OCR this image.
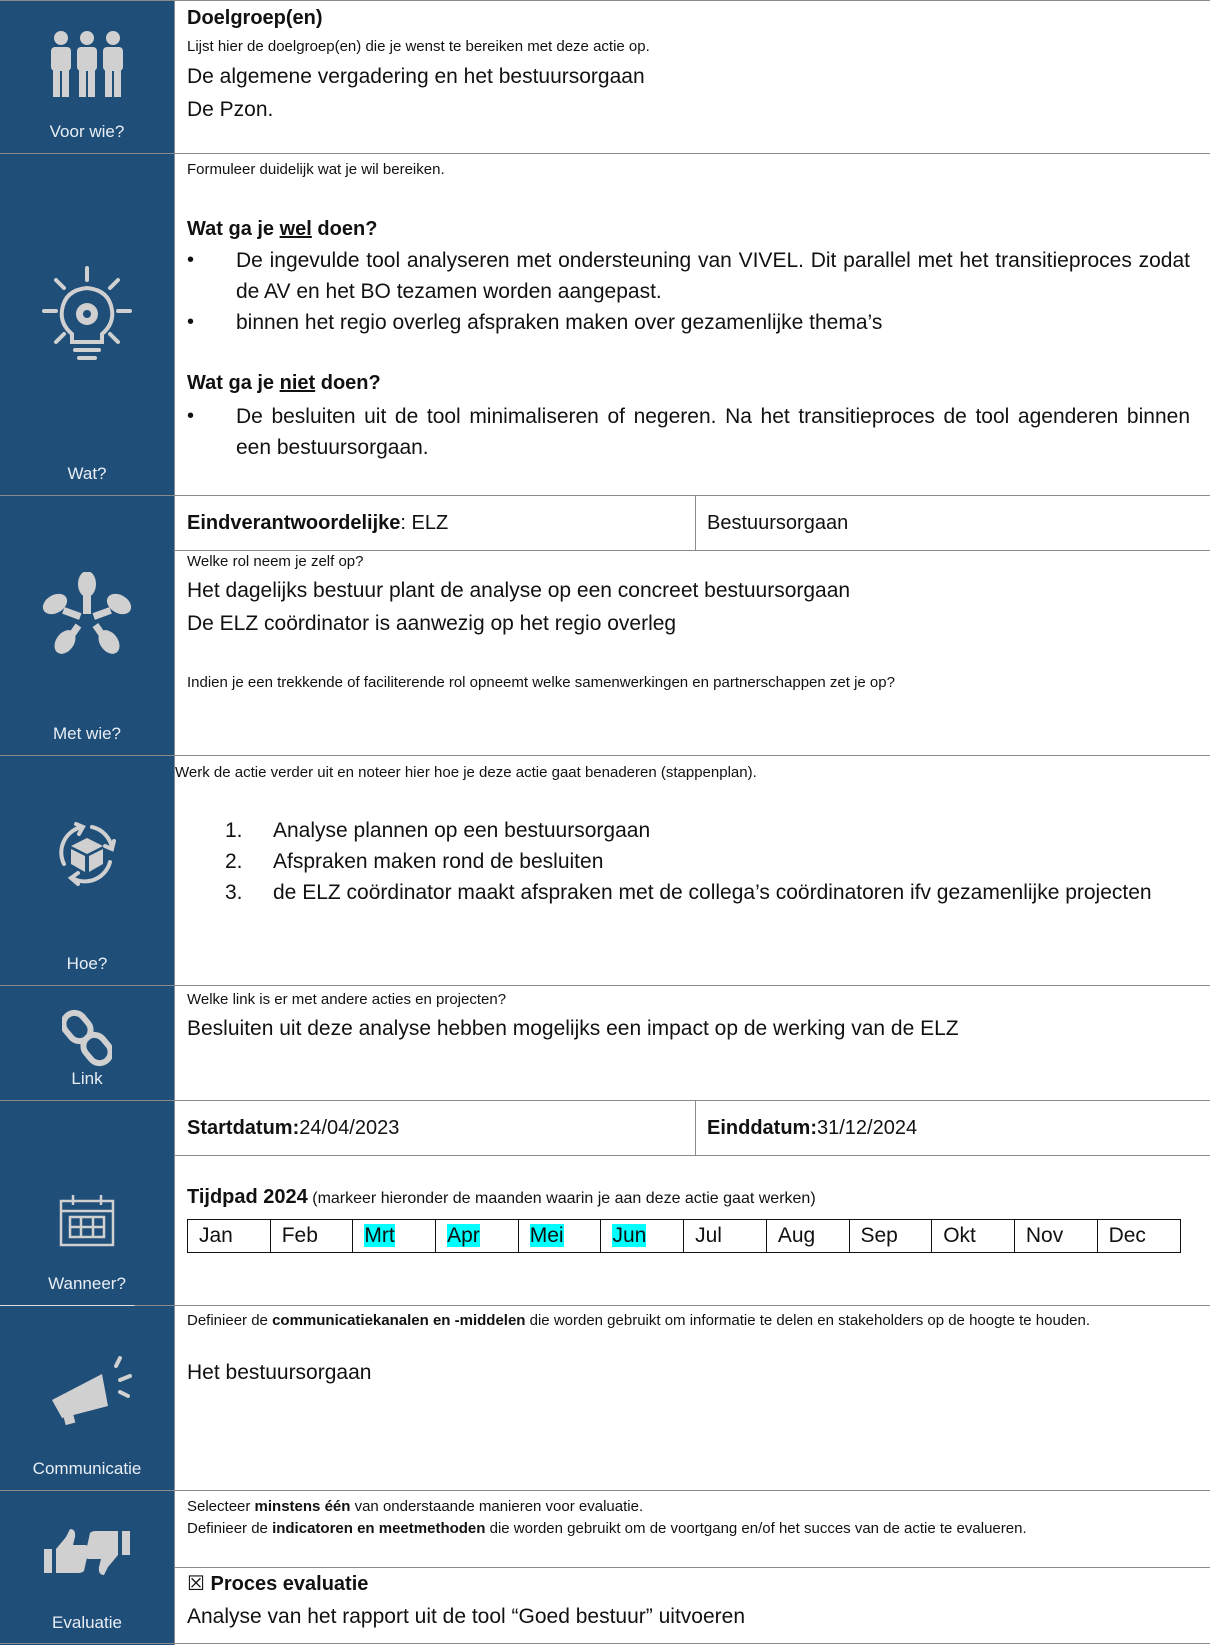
Voor wie?
Doelgroep(en)
Lijst hier de doelgroep(en) die je wenst te bereiken met deze actie op.
De algemene vergadering en het bestuursorgaan
De Pzon.
Wat?
Formuleer duidelijk wat je wil bereiken.
Wat ga je wel doen?
• De ingevulde tool analyseren met ondersteuning van VIVEL. Dit parallel met het transitieproces zodat de AV en het BO tezamen worden aangepast.
• binnen het regio overleg afspraken maken over gezamenlijke thema’s
Wat ga je niet doen?
• De besluiten uit de tool minimaliseren of negeren. Na het transitieproces de tool agenderen binnen een bestuursorgaan.
Met wie?
Eindverantwoordelijke : ELZ	Bestuursorgaan
Welke rol neem je zelf op?
Het dagelijks bestuur plant de analyse op een concreet bestuursorgaan
De ELZ coördinator is aanwezig op het regio overleg
Indien je een trekkende of faciliterende rol opneemt welke samenwerkingen en partnerschappen zet je op?
Hoe?
Werk de actie verder uit en noteer hier hoe je deze actie gaat benaderen (stappenplan).
1. Analyse plannen op een bestuursorgaan
2. Afspraken maken rond de besluiten
3. de ELZ coördinator maakt afspraken met de collega’s coördinatoren ifv gezamenlijke projecten
Link
Welke link is er met andere acties en projecten?
Besluiten uit deze analyse hebben mogelijks een impact op de werking van de ELZ
Wanneer?
Startdatum: 24/04/2023	Einddatum: 31/12/2024
Tijdpad 2024 (markeer hieronder de maanden waarin je aan deze actie gaat werken)
Jan	Feb	Mrt	Apr	Mei	Jun	Jul	Aug	Sep	Okt	Nov	Dec
Communicatie
Definieer de communicatiekanalen en -middelen die worden gebruikt om informatie te delen en stakeholders op de hoogte te houden.
Het bestuursorgaan
Evaluatie
Selecteer minstens één van onderstaande manieren voor evaluatie.
Definieer de indicatoren en meetmethoden die worden gebruikt om de voortgang en/of het succes van de actie te evalueren.
☒ Proces evaluatie
Analyse van het rapport uit de tool “Goed bestuur” uitvoeren
